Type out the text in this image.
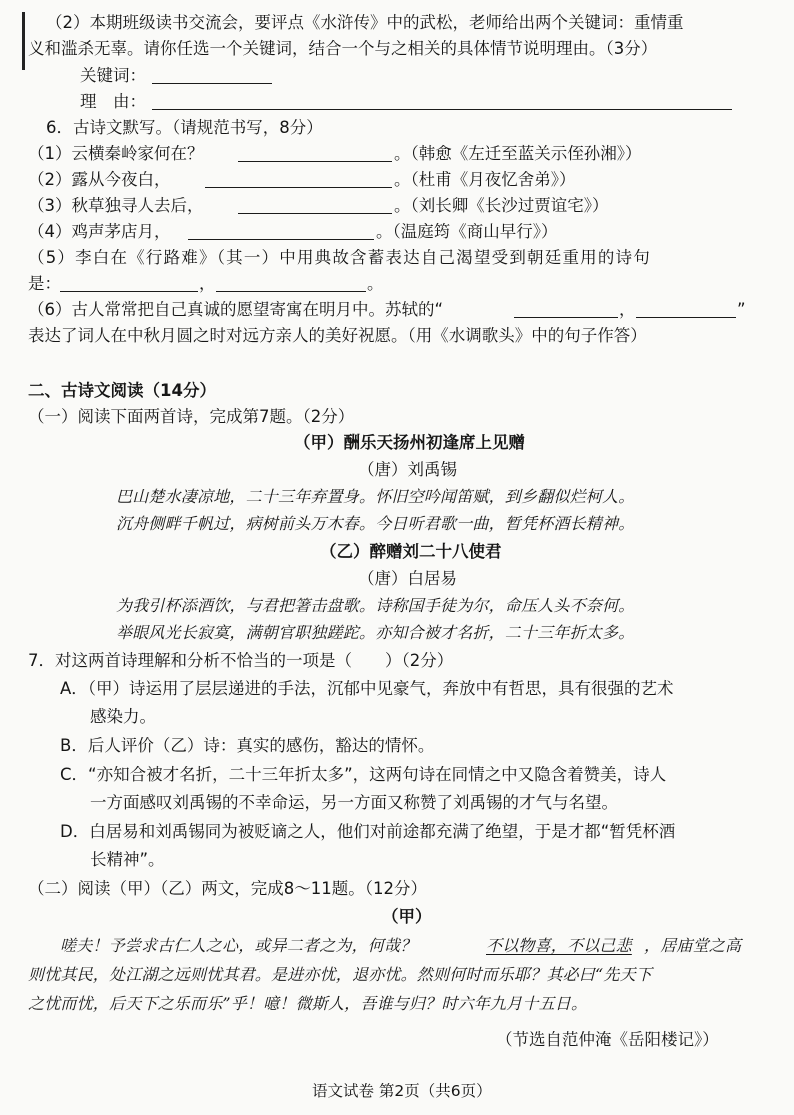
（2）本期班级读书交流会，要评点《水浒传》中的武松，老师给出两个关键词：重情重
义和滥杀无辜。请你任选一个关键词，结合一个与之相关的具体情节说明理由。（3分）
关键词：
理　由：
6．古诗文默写。（请规范书写，8分）
（1）云横秦岭家何在？	。（韩愈《左迁至蓝关示侄孙湘》）
（2）露从今夜白，	。（杜甫《月夜忆舍弟》）
（3）秋草独寻人去后，	。（刘长卿《长沙过贾谊宅》）
（4）鸡声茅店月，	。（温庭筠《商山早行》）
（5）李白在《行路难》（其一）中用典故含蓄表达自己渴望受到朝廷重用的诗句
是：	，	。
（6）古人常常把自己真诚的愿望寄寓在明月中。苏轼的“	，	”
表达了词人在中秋月圆之时对远方亲人的美好祝愿。（用《水调歌头》中的句子作答）
二、古诗文阅读（14分）
（一）阅读下面两首诗，完成第7题。（2分）
（甲）酬乐天扬州初逢席上见赠
（唐）刘禹锡
巴山楚水凄凉地，二十三年弃置身。怀旧空吟闻笛赋，到乡翻似烂柯人。
沉舟侧畔千帆过，病树前头万木春。今日听君歌一曲，暂凭杯酒长精神。
（乙）醉赠刘二十八使君
（唐）白居易
为我引杯添酒饮，与君把箸击盘歌。诗称国手徒为尔，命压人头不奈何。
举眼风光长寂寞，满朝官职独蹉跎。亦知合被才名折，二十三年折太多。
7．对这两首诗理解和分析不恰当的一项是（　　）（2分）
A．（甲）诗运用了层层递进的手法，沉郁中见豪气，奔放中有哲思，具有很强的艺术
感染力。
B．后人评价（乙）诗：真实的感伤，豁达的情怀。
C．“亦知合被才名折，二十三年折太多”，这两句诗在同情之中又隐含着赞美，诗人
一方面感叹刘禹锡的不幸命运，另一方面又称赞了刘禹锡的才气与名望。
D．白居易和刘禹锡同为被贬谪之人，他们对前途都充满了绝望，于是才都“暂凭杯酒
长精神”。
（二）阅读（甲）（乙）两文，完成8～11题。（12分）
（甲）
嗟夫！予尝求古仁人之心，或异二者之为，何哉？	不以物喜，不以己悲 ，居庙堂之高
则忧其民，处江湖之远则忧其君。是进亦忧，退亦忧。然则何时而乐耶？其必曰“先天下
之忧而忧，后天下之乐而乐”乎！噫！微斯人，吾谁与归？时六年九月十五日。
（节选自范仲淹《岳阳楼记》）
语文试卷 第2页（共6页）
